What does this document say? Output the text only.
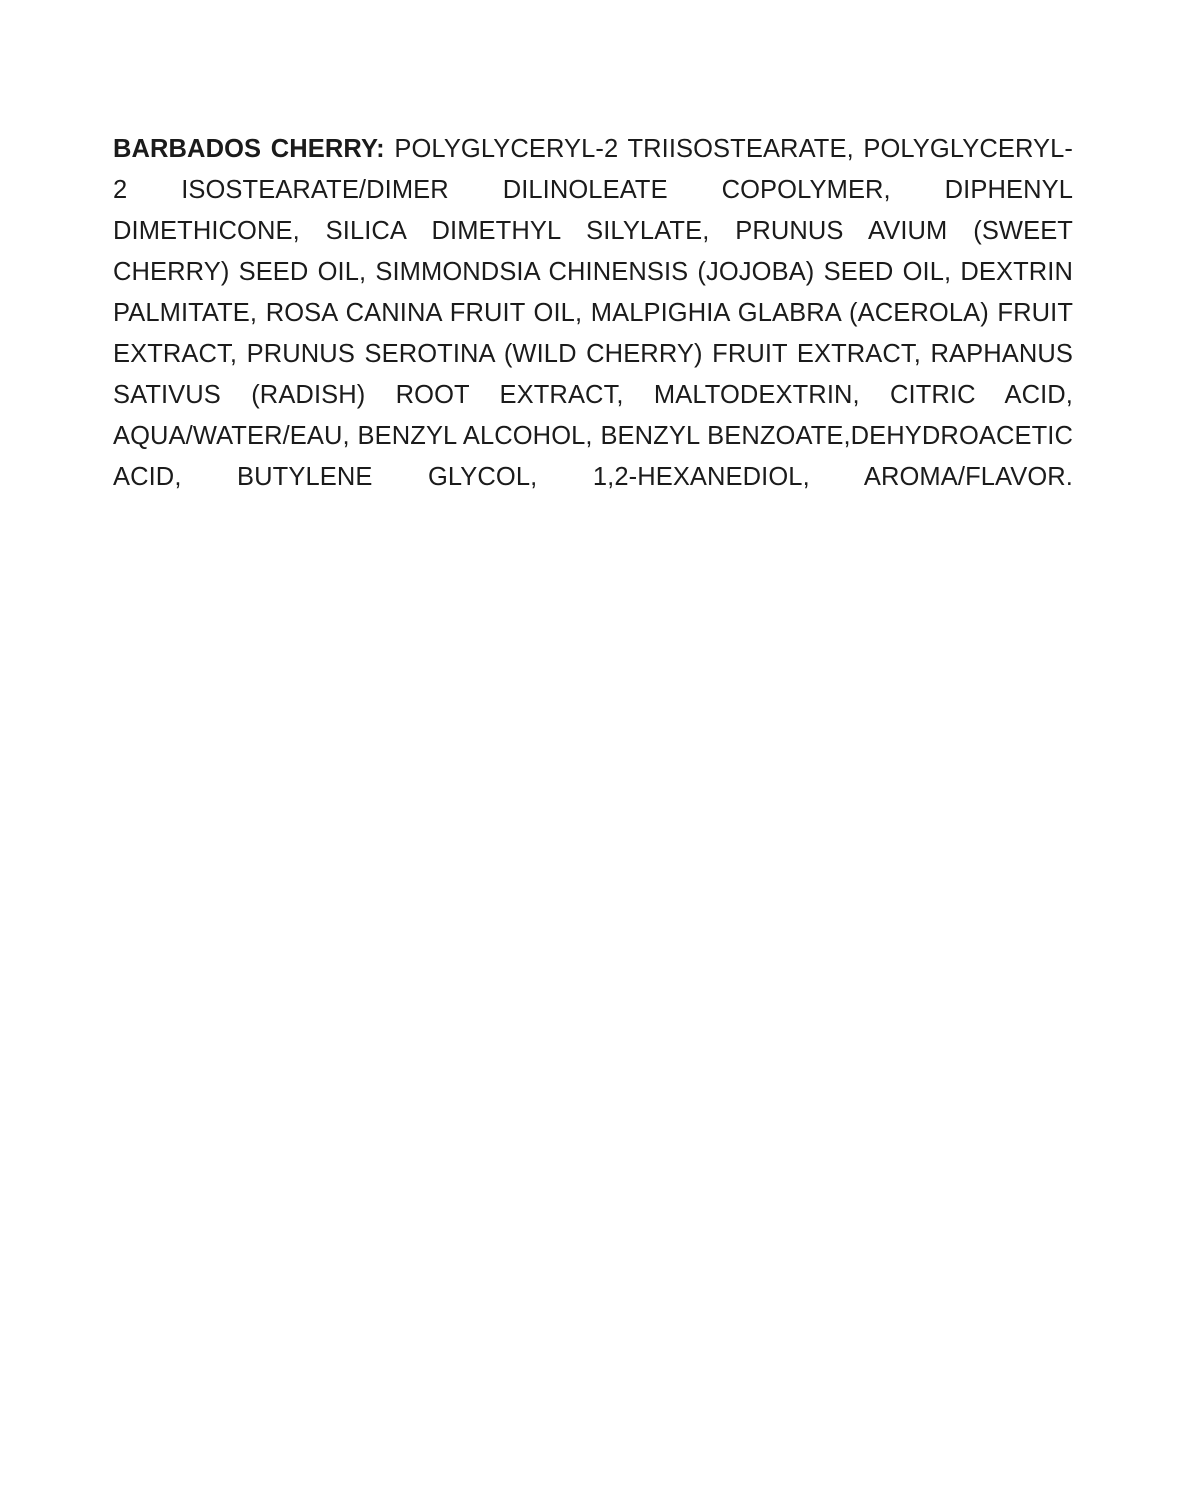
BARBADOS CHERRY: POLYGLYCERYL-2 TRIISOSTEARATE, POLYGLYCERYL-2 ISOSTEARATE/DIMER DILINOLEATE COPOLYMER, DIPHENYL DIMETHICONE, SILICA DIMETHYL SILYLATE, PRUNUS AVIUM (SWEET CHERRY) SEED OIL, SIMMONDSIA CHINENSIS (JOJOBA) SEED OIL, DEXTRIN PALMITATE, ROSA CANINA FRUIT OIL, MALPIGHIA GLABRA (ACEROLA) FRUIT EXTRACT, PRUNUS SEROTINA (WILD CHERRY) FRUIT EXTRACT, RAPHANUS SATIVUS (RADISH) ROOT EXTRACT, MALTODEXTRIN, CITRIC ACID, AQUA/WATER/EAU, BENZYL ALCOHOL, BENZYL BENZOATE,DEHYDROACETIC ACID, BUTYLENE GLYCOL, 1,2-HEXANEDIOL, AROMA/FLAVOR.
